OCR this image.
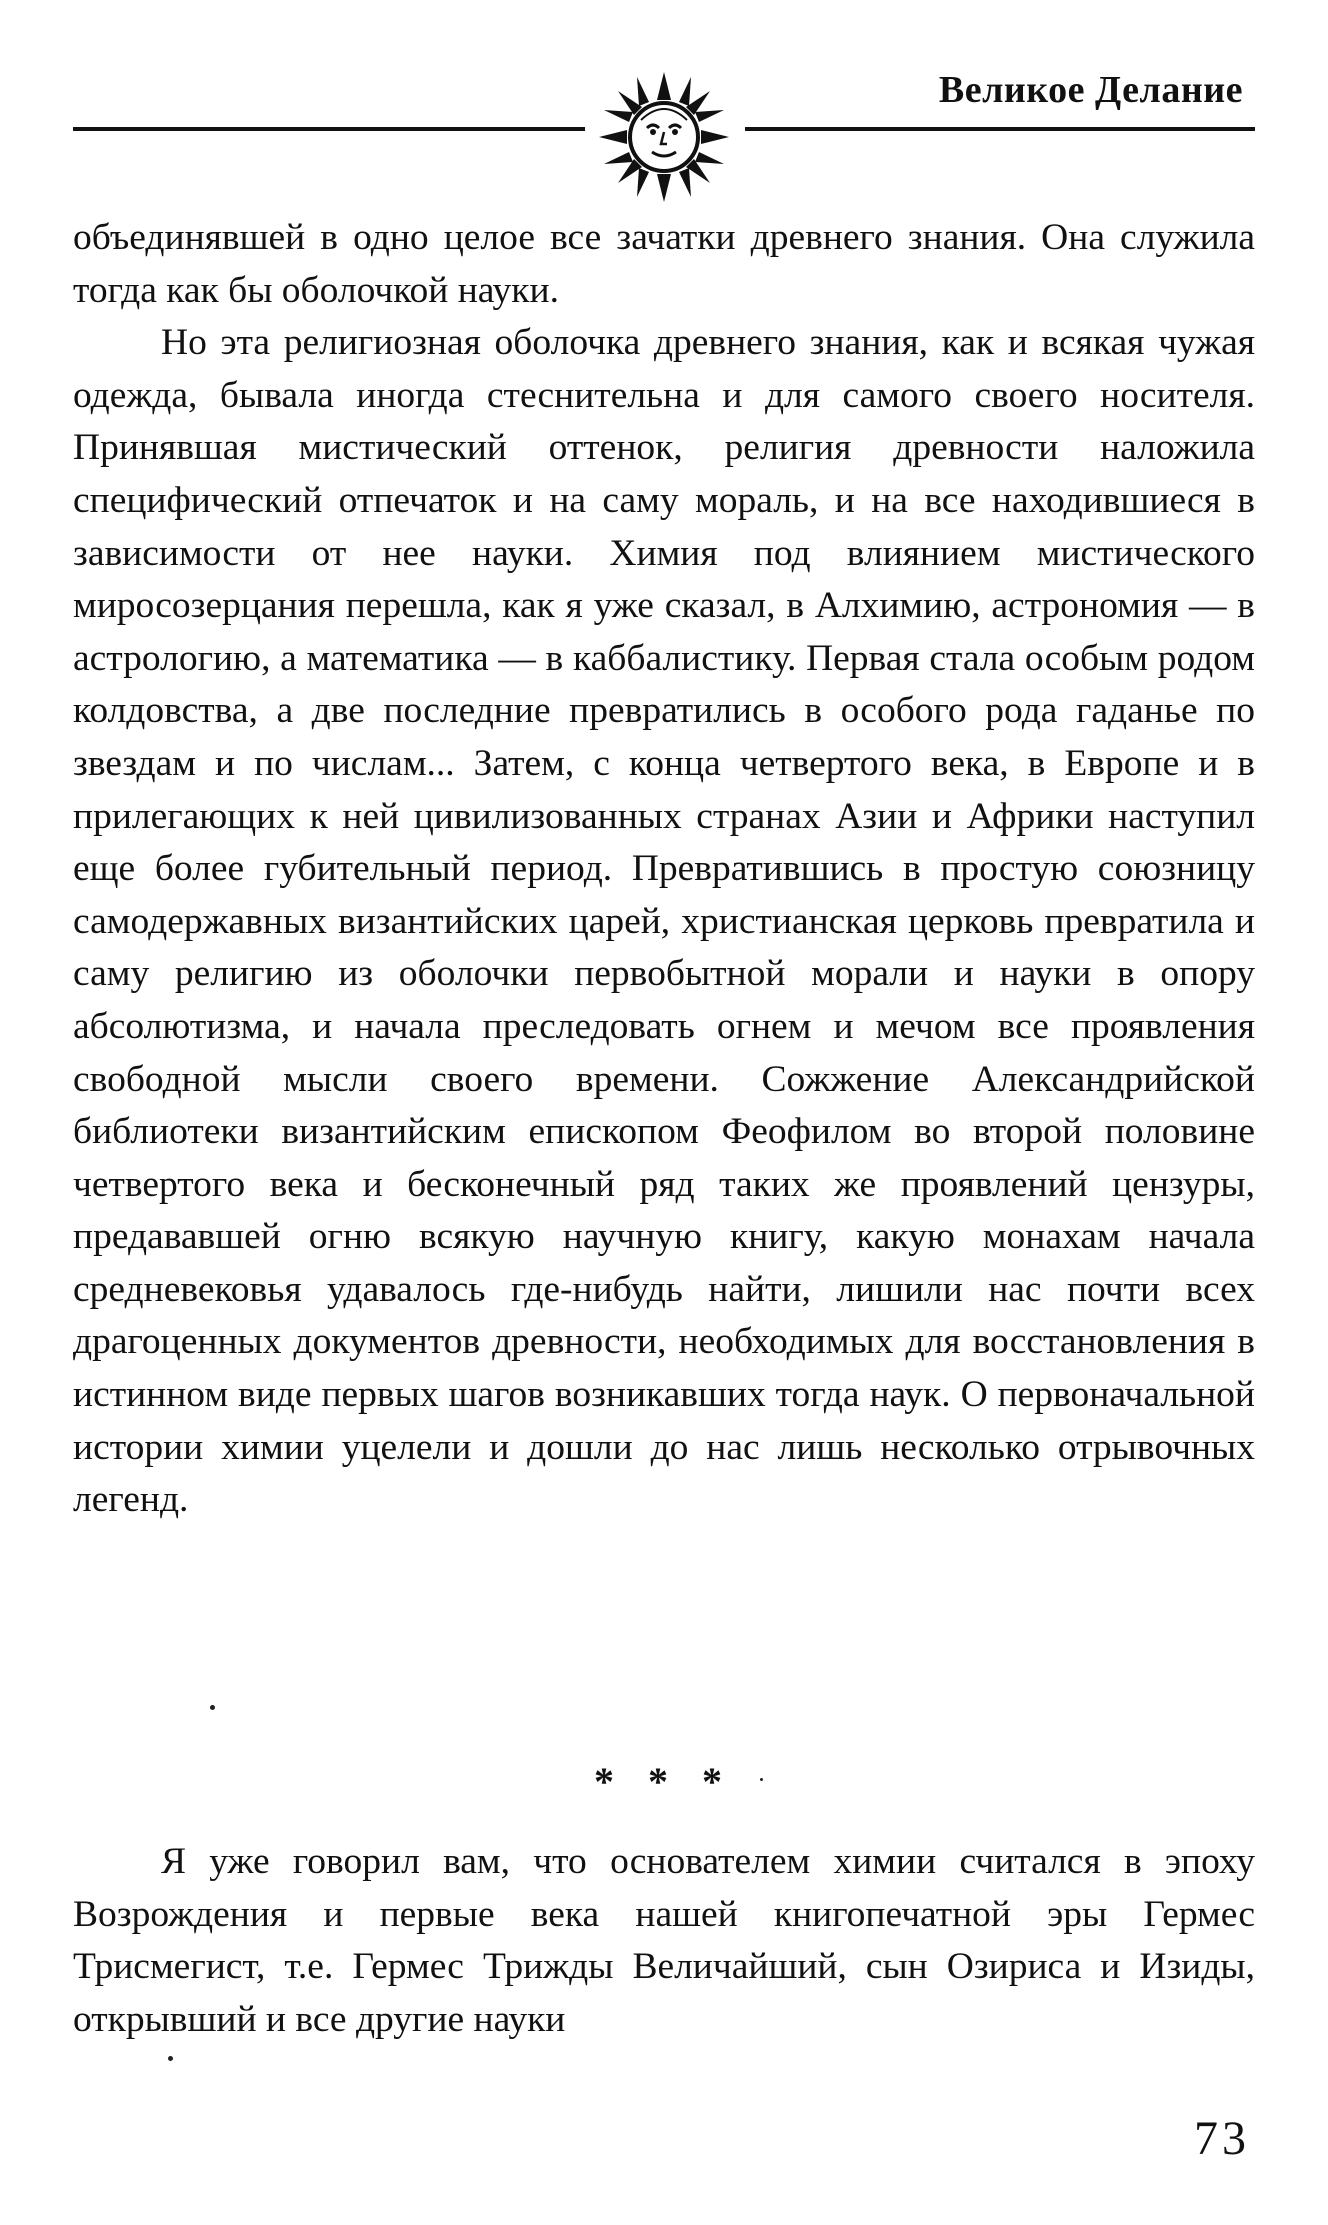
Великое Делание

объединявшей в одно целое все зачатки древнего знания. Она служила тогда как бы оболочкой науки.

Но эта религиозная оболочка древнего знания, как и всякая чужая одежда, бывала иногда стеснительна и для самого своего носителя. Принявшая мистический оттенок, религия древности наложила специфический отпечаток и на саму мораль, и на все находившиеся в зависимости от нее науки. Химия под влиянием мистического миросозерцания перешла, как я уже сказал, в Алхимию, астрономия — в астрологию, а математика — в каббалистику. Первая стала особым родом колдовства, а две последние превратились в особого рода гаданье по звездам и по числам... Затем, с конца четвертого века, в Европе и в прилегающих к ней цивилизованных странах Азии и Африки наступил еще более губительный период. Превратившись в простую союзницу самодержавных византийских царей, христианская церковь превратила и саму религию из оболочки первобытной морали и науки в опору абсолютизма, и начала преследовать огнем и мечом все проявления свободной мысли своего времени. Сожжение Александрийской библиотеки византийским епископом Феофилом во второй половине четвертого века и бесконечный ряд таких же проявлений цензуры, предававшей огню всякую научную книгу, какую монахам начала средневековья удавалось где-нибудь найти, лишили нас почти всех драгоценных документов древности, необходимых для восстановления в истинном виде первых шагов возникавших тогда наук. О первоначальной истории химии уцелели и дошли до нас лишь несколько отрывочных легенд.

* * *

Я уже говорил вам, что основателем химии считался в эпоху Возрождения и первые века нашей книгопечатной эры Гермес Трисмегист, т.е. Гермес Трижды Величайший, сын Озириса и Изиды, открывший и все другие науки

73
